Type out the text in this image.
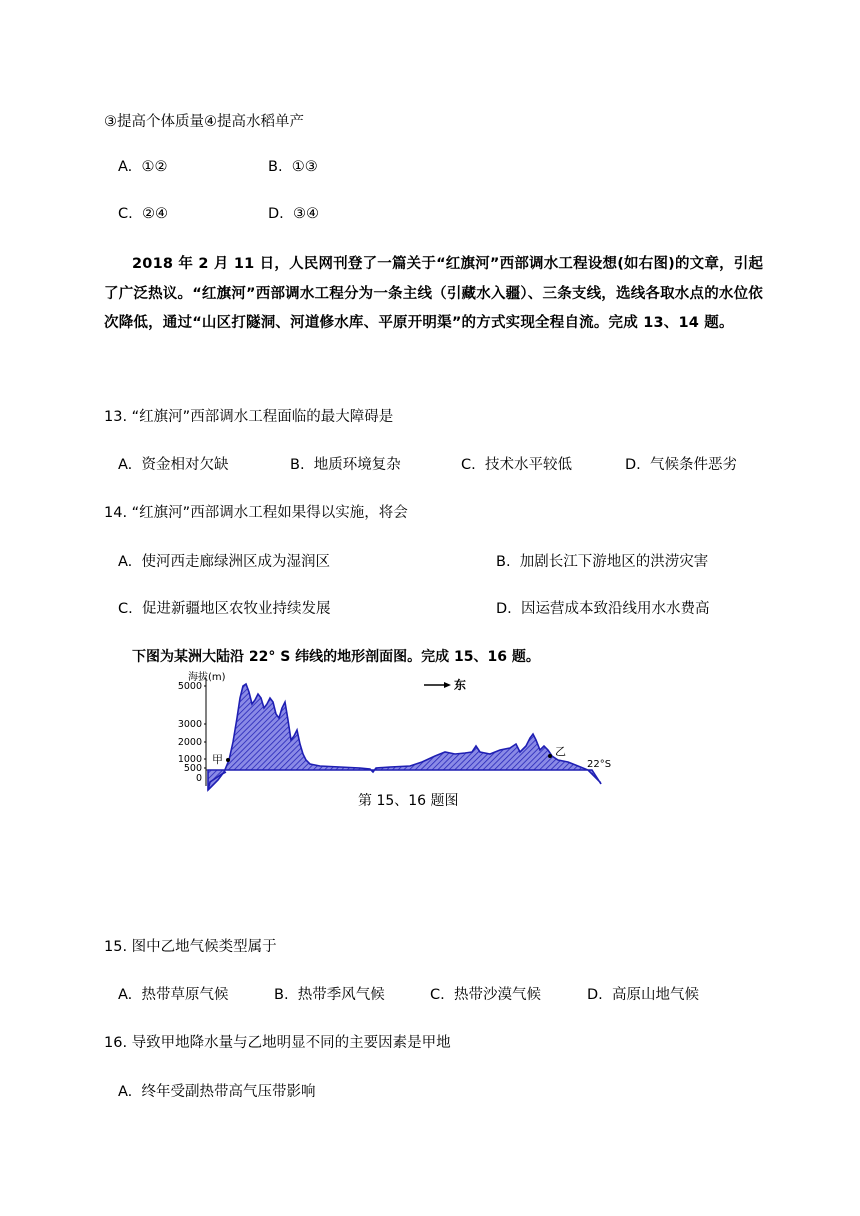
③提高个体质量④提高水稻单产
A. ①②	B. ①③
C. ②④	D. ③④
2018 年 2 月 11 日，人民网刊登了一篇关于“红旗河”西部调水工程设想(如右图)的文章，引起了广泛热议。“红旗河”西部调水工程分为一条主线（引藏水入疆）、三条支线，选线各取水点的水位依次降低，通过“山区打隧洞、河道修水库、平原开明渠”的方式实现全程自流。完成 13、14 题。
13. “红旗河”西部调水工程面临的最大障碍是
A. 资金相对欠缺	B. 地质环境复杂	C. 技术水平较低	D. 气候条件恶劣
14. “红旗河”西部调水工程如果得以实施，将会
A. 使河西走廊绿洲区成为湿润区	B. 加剧长江下游地区的洪涝灾害
C. 促进新疆地区农牧业持续发展	D. 因运营成本致沿线用水水费高
下图为某洲大陆沿 22° S 纬线的地形剖面图。完成 15、16 题。
海拔(m)
5000
3000
2000
1000
500
0
甲
乙
22°S
东
第 15、16 题图
15. 图中乙地气候类型属于
A. 热带草原气候	B. 热带季风气候	C. 热带沙漠气候	D. 高原山地气候
16. 导致甲地降水量与乙地明显不同的主要因素是甲地
A. 终年受副热带高气压带影响
